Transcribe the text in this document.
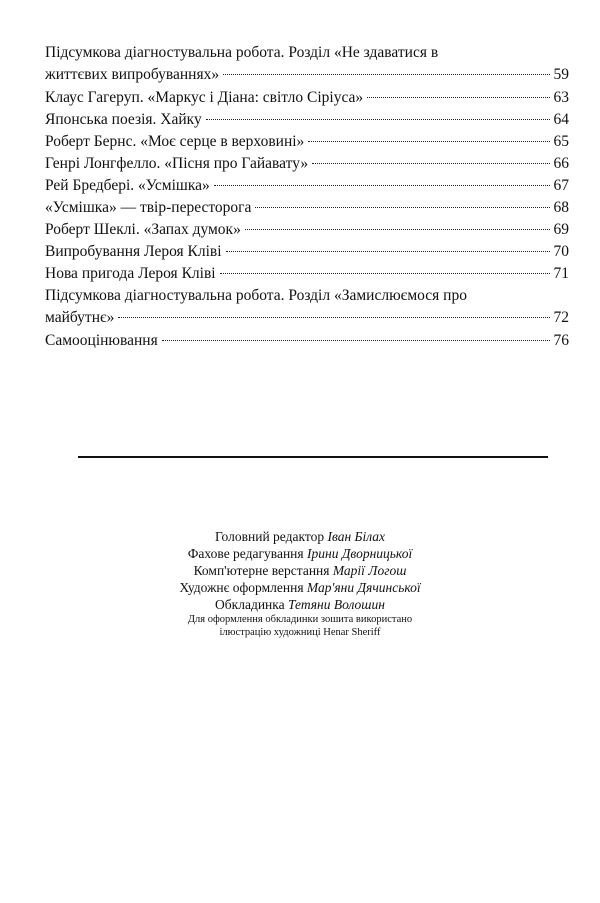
Підсумкова діагностувальна робота. Розділ «Не здаватися в
життєвих випробуваннях»	59
Клаус Гагеруп. «Маркус і Діана: світло Сіріуса»	63
Японська поезія. Хайку	64
Роберт Бернс. «Моє серце в верховині»	65
Генрі Лонгфелло. «Пісня про Гайавату»	66
Рей Бредбері. «Усмішка»	67
«Усмішка» — твір-пересторога	68
Роберт Шеклі. «Запах думок»	69
Випробування Лероя Кліві	70
Нова пригода Лероя Кліві	71
Підсумкова діагностувальна робота. Розділ «Замислюємося про
майбутнє»	72
Самооцінювання	76
Головний редактор Іван Білах
Фахове редагування Ірини Дворницької
Комп'ютерне верстання Марії Логош
Художнє оформлення Мар'яни Дячинської
Обкладинка Тетяни Волошин
Для оформлення обкладинки зошита використано
ілюстрацію художниці Henar Sheriff
